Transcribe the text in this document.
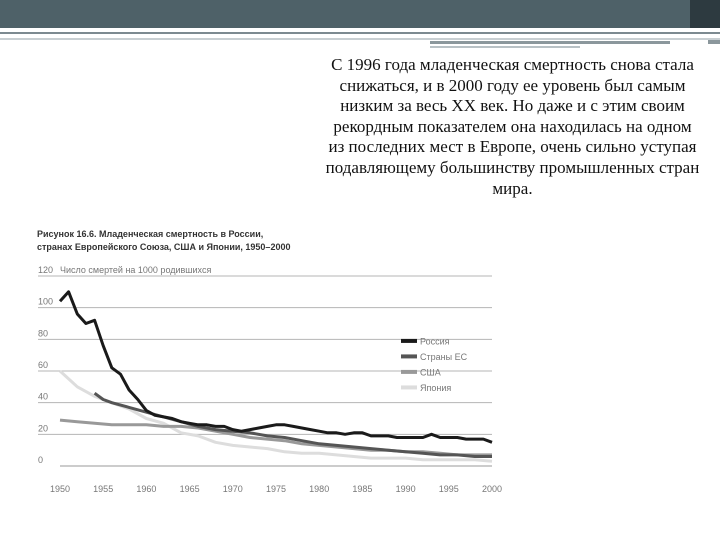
С 1996 года младенческая смертность снова стала снижаться, и в 2000 году ее уровень был самым низким за весь XX век. Но даже и с этим своим рекордным показателем она находилась на одном из последних мест в Европе, очень сильно уступая подавляющему большинству промышленных стран мира.
Рисунок 16.6. Младенческая смертность в России,
странах Европейского Союза, США и Японии, 1950–2000
0
20
40
60
80
100
120 Число смертей на 1000 родившихся
1950	1955	1960	1965	1970	1975	1980	1985	1990	1995	2000
Россия
Страны ЕС
США
Япония
